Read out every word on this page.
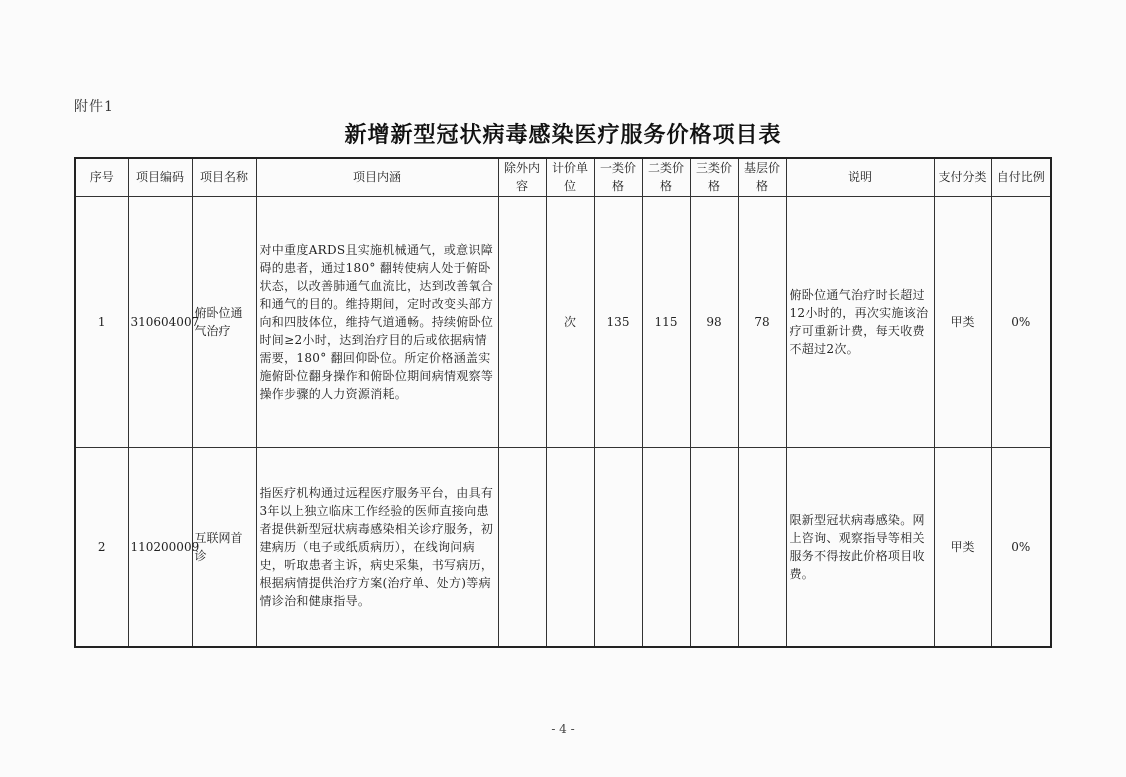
附件1
新增新型冠状病毒感染医疗服务价格项目表
序号	项目编码	项目名称	项目内涵	除外内容	计价单位	一类价格	二类价格	三类价格	基层价格	说明	支付分类	自付比例
1	310604007	俯卧位通气治疗	对中重度ARDS且实施机械通气，或意识障碍的患者，通过180° 翻转使病人处于俯卧状态，以改善肺通气血流比，达到改善氧合和通气的目的。维持期间，定时改变头部方向和四肢体位，维持气道通畅。持续俯卧位时间≥2小时，达到治疗目的后或依据病情需要，180° 翻回仰卧位。所定价格涵盖实施俯卧位翻身操作和俯卧位期间病情观察等操作步骤的人力资源消耗。		次	135	115	98	78	俯卧位通气治疗时长超过12小时的，再次实施该治疗可重新计费，每天收费不超过2次。	甲类	0%
2	110200009	互联网首诊	指医疗机构通过远程医疗服务平台，由具有3年以上独立临床工作经验的医师直接向患者提供新型冠状病毒感染相关诊疗服务，初建病历（电子或纸质病历），在线询问病史，听取患者主诉，病史采集，书写病历，根据病情提供治疗方案(治疗单、处方)等病情诊治和健康指导。							限新型冠状病毒感染。网上咨询、观察指导等相关服务不得按此价格项目收费。	甲类	0%
- 4 -
